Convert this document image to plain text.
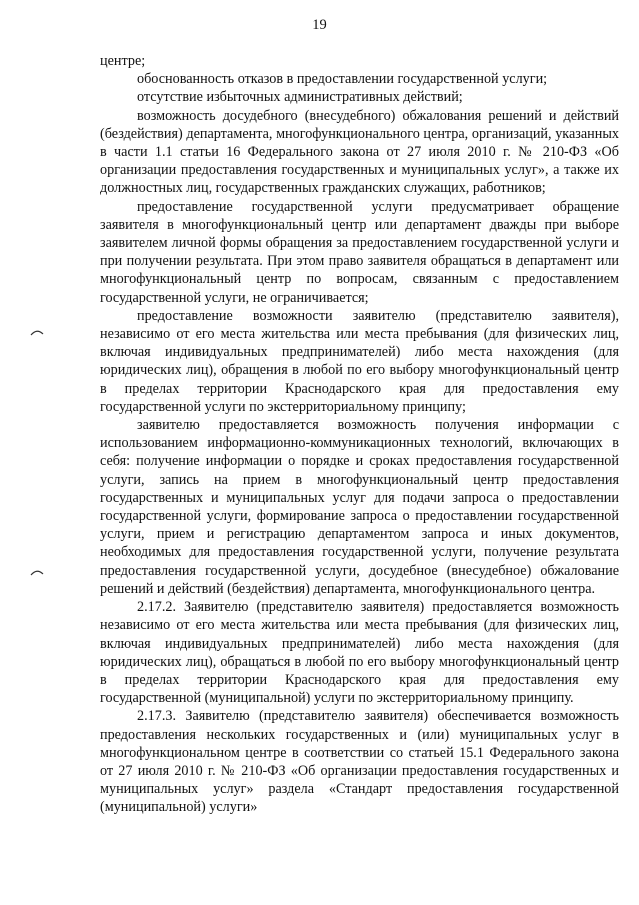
19

центре;

обоснованность отказов в предоставлении государственной услуги;

отсутствие избыточных административных действий;

возможность досудебного (внесудебного) обжалования решений и действий (бездействия) департамента, многофункционального центра, организаций, указанных в части 1.1 статьи 16 Федерального закона от 27 июля 2010 г. № 210-ФЗ «Об организации предоставления государственных и муниципальных услуг», а также их должностных лиц, государственных гражданских служащих, работников;

предоставление государственной услуги предусматривает обращение заявителя в многофункциональный центр или департамент дважды при выборе заявителем личной формы обращения за предоставлением государственной услуги и при получении результата. При этом право заявителя обращаться в департамент или многофункциональный центр по вопросам, связанным с предоставлением государственной услуги, не ограничивается;

предоставление возможности заявителю (представителю заявителя), независимо от его места жительства или места пребывания (для физических лиц, включая индивидуальных предпринимателей) либо места нахождения (для юридических лиц), обращения в любой по его выбору многофункциональный центр в пределах территории Краснодарского края для предоставления ему государственной услуги по экстерриториальному принципу;

заявителю предоставляется возможность получения информации с использованием информационно-коммуникационных технологий, включающих в себя: получение информации о порядке и сроках предоставления государственной услуги, запись на прием в многофункциональный центр предоставления государственных и муниципальных услуг для подачи запроса о предоставлении государственной услуги, формирование запроса о предоставлении государственной услуги, прием и регистрацию департаментом запроса и иных документов, необходимых для предоставления государственной услуги, получение результата предоставления государственной услуги, досудебное (внесудебное) обжалование решений и действий (бездействия) департамента, многофункционального центра.

2.17.2. Заявителю (представителю заявителя) предоставляется возможность независимо от его места жительства или места пребывания (для физических лиц, включая индивидуальных предпринимателей) либо места нахождения (для юридических лиц), обращаться в любой по его выбору многофункциональный центр в пределах территории Краснодарского края для предоставления ему государственной (муниципальной) услуги по экстерриториальному принципу.

2.17.3. Заявителю (представителю заявителя) обеспечивается возможность предоставления нескольких государственных и (или) муниципальных услуг в многофункциональном центре в соответствии со статьей 15.1 Федерального закона от 27 июля 2010 г. № 210-ФЗ «Об организации предоставления государственных и муниципальных услуг» раздела «Стандарт предоставления государственной (муниципальной) услуги»
